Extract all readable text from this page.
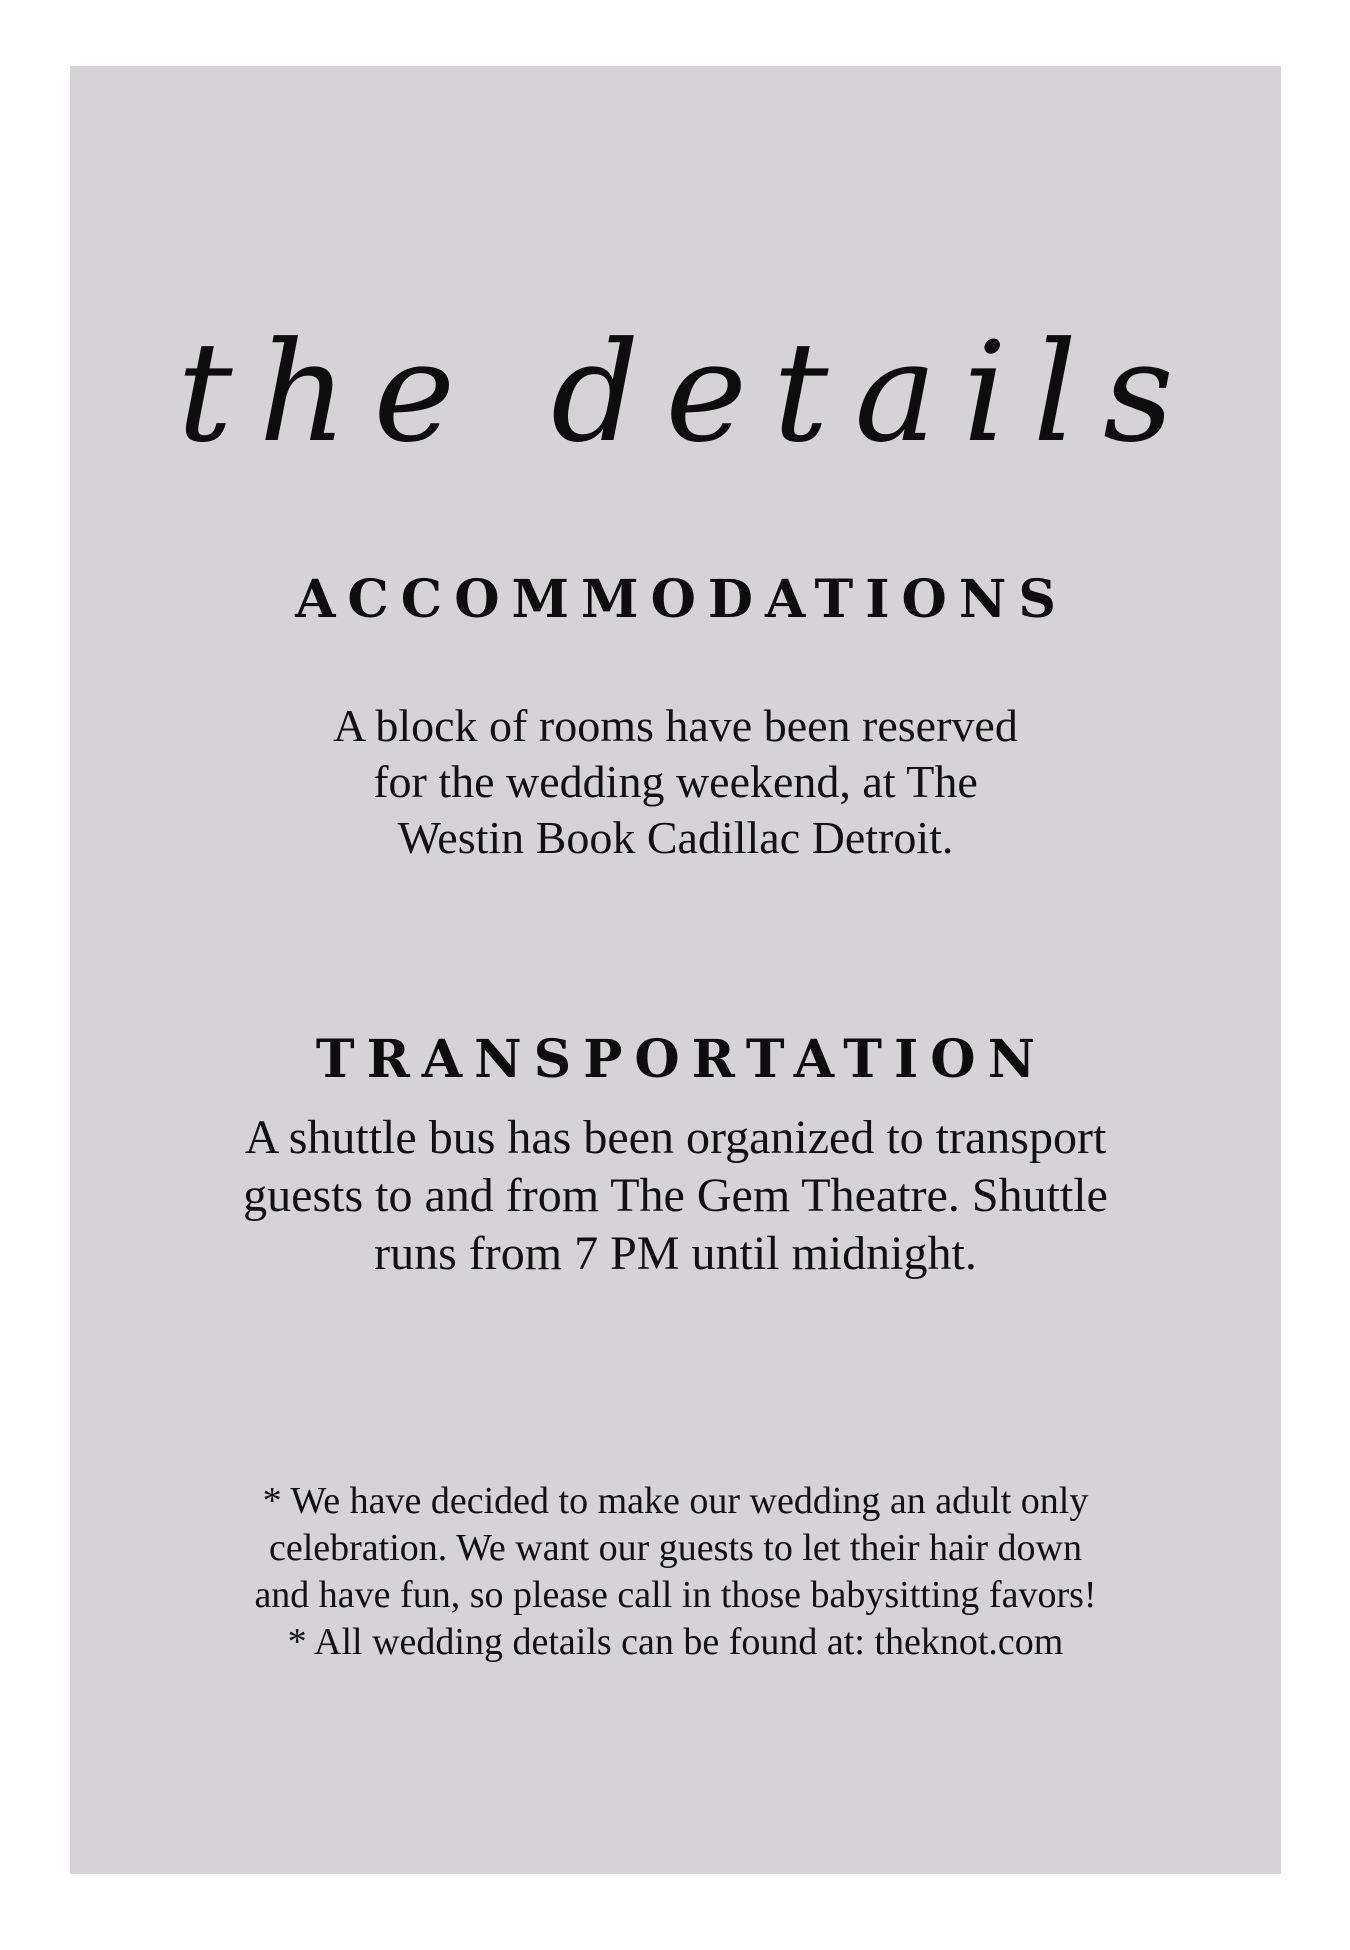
the details
ACCOMMODATIONS

A block of rooms have been reserved
for the wedding weekend, at The
Westin Book Cadillac Detroit.

TRANSPORTATION

A shuttle bus has been organized to transport
guests to and from The Gem Theatre. Shuttle
runs from 7 PM until midnight.

* We have decided to make our wedding an adult only
celebration. We want our guests to let their hair down
and have fun, so please call in those babysitting favors!
* All wedding details can be found at: theknot.com
